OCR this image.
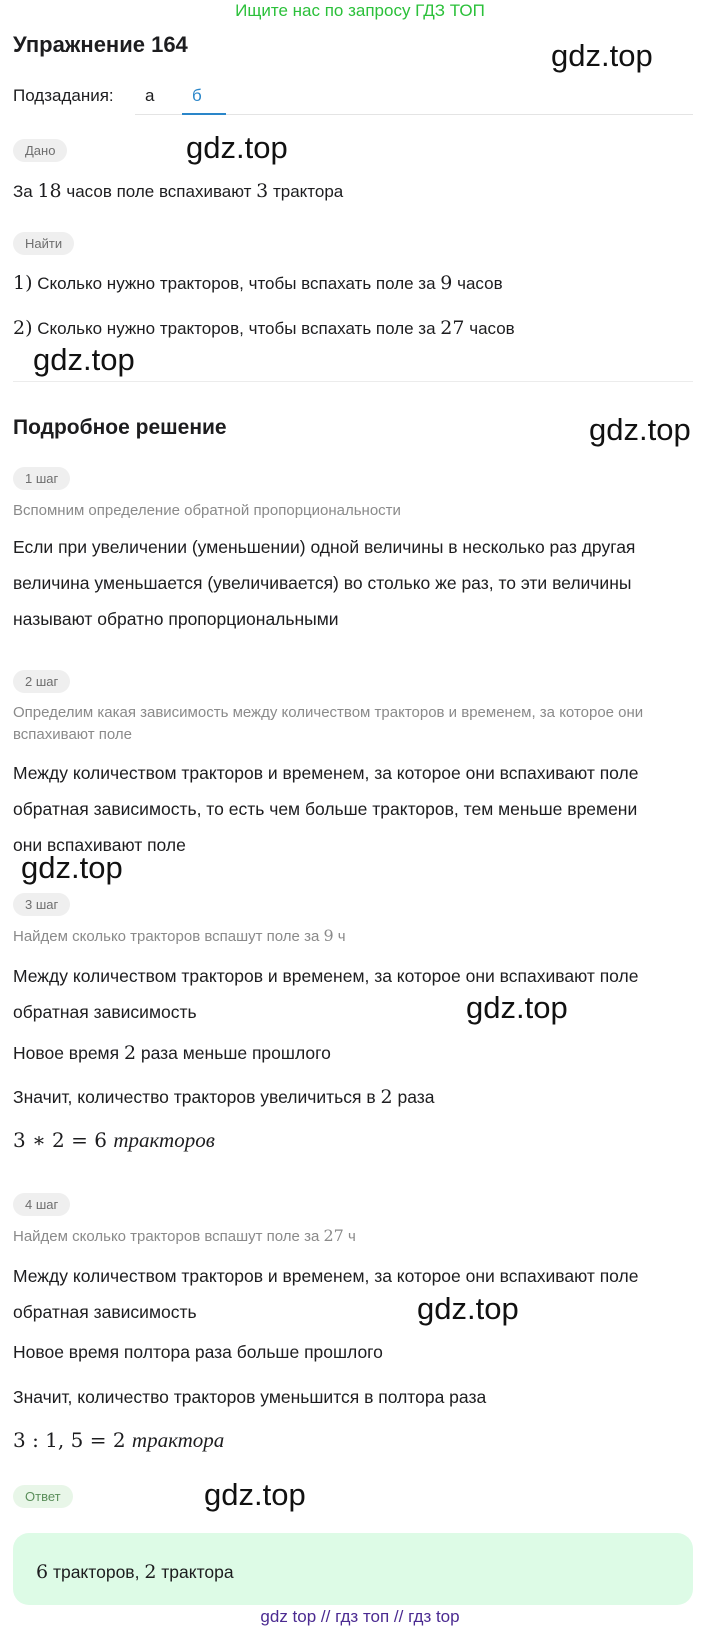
Ищите нас по запросу ГДЗ ТОП
Упражнение 164	gdz.top
Подзадания: а б
Дано	gdz.top
За 18 часов поле вспахивают 3 трактора
Найти
1) Сколько нужно тракторов, чтобы вспахать поле за 9 часов
2) Сколько нужно тракторов, чтобы вспахать поле за 27 часов
gdz.top
Подробное решение	gdz.top
1 шаг
Вспомним определение обратной пропорциональности
Если при увеличении (уменьшении) одной величины в несколько раз другая
величина уменьшается (увеличивается) во столько же раз, то эти величины
называют обратно пропорциональными
2 шаг
Определим какая зависимость между количеством тракторов и временем, за которое они вспахивают поле
Между количеством тракторов и временем, за которое они вспахивают поле
обратная зависимость, то есть чем больше тракторов, тем меньше времени
они вспахивают поле
gdz.top
3 шаг
Найдем сколько тракторов вспашут поле за 9 ч
Между количеством тракторов и временем, за которое они вспахивают поле
обратная зависимость	gdz.top
Новое время 2 раза меньше прошлого
Значит, количество тракторов увеличиться в 2 раза
3 ∗ 2 = 6 тракторов
4 шаг
Найдем сколько тракторов вспашут поле за 27 ч
Между количеством тракторов и временем, за которое они вспахивают поле
обратная зависимость	gdz.top
Новое время полтора раза больше прошлого
Значит, количество тракторов уменьшится в полтора раза
3 : 1, 5 = 2 трактора
Ответ	gdz.top
6 тракторов, 2 трактора
gdz top // гдз топ // гдз top
